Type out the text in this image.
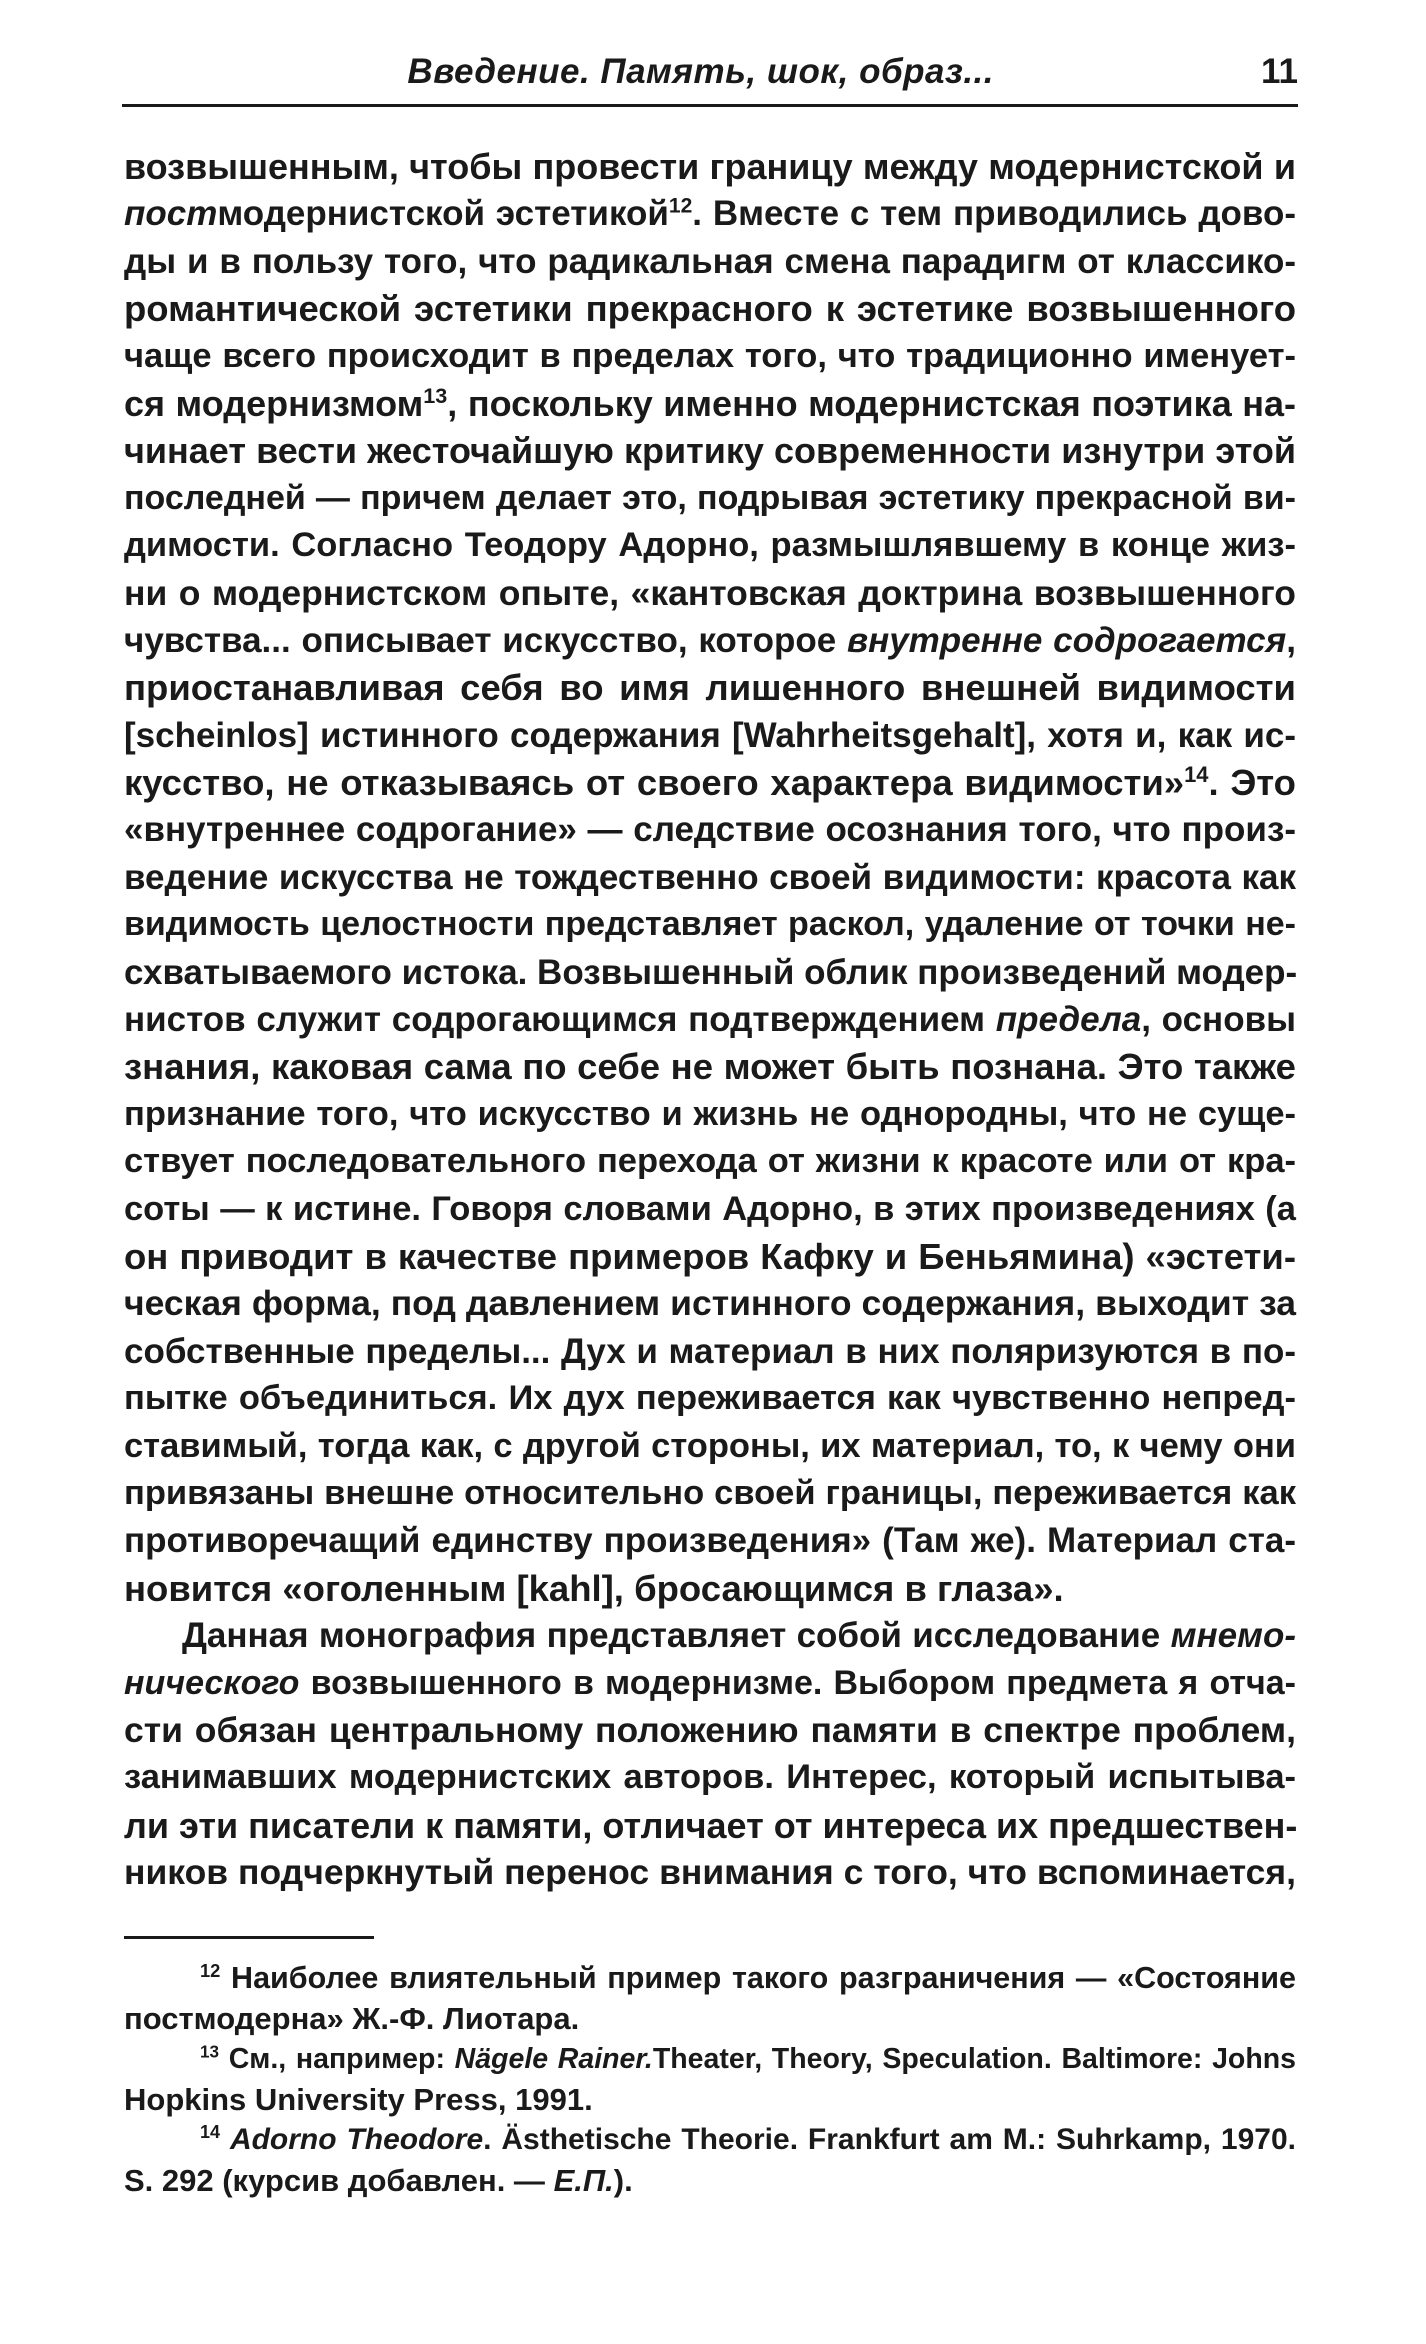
Введение. Память, шок, образ...	11
возвышенным, чтобы провести границу между модернистской и
постмодернистской эстетикой$^{12}$. Вместе с тем приводились дово-
ды и в пользу того, что радикальная смена парадигм от классико-
романтической эстетики прекрасного к эстетике возвышенного
чаще всего происходит в пределах того, что традиционно именует-
ся модернизмом$^{13}$, поскольку именно модернистская поэтика на-
чинает вести жесточайшую критику современности изнутри этой
последней — причем делает это, подрывая эстетику прекрасной ви-
димости. Согласно Теодору Адорно, размышлявшему в конце жиз-
ни о модернистском опыте, «кантовская доктрина возвышенного
чувства... описывает искусство, которое внутренне содрогается,
приостанавливая себя во имя лишенного внешней видимости
[scheinlos] истинного содержания [Wahrheitsgehalt], хотя и, как ис-
кусство, не отказываясь от своего характера видимости»$^{14}$. Это
«внутреннее содрогание» — следствие осознания того, что произ-
ведение искусства не тождественно своей видимости: красота как
видимость целостности представляет раскол, удаление от точки не-
схватываемого истока. Возвышенный облик произведений модер-
нистов служит содрогающимся подтверждением предела, основы
знания, каковая сама по себе не может быть познана. Это также
признание того, что искусство и жизнь не однородны, что не суще-
ствует последовательного перехода от жизни к красоте или от кра-
соты — к истине. Говоря словами Адорно, в этих произведениях (а
он приводит в качестве примеров Кафку и Беньямина) «эстети-
ческая форма, под давлением истинного содержания, выходит за
собственные пределы... Дух и материал в них поляризуются в по-
пытке объединиться. Их дух переживается как чувственно непред-
ставимый, тогда как, с другой стороны, их материал, то, к чему они
привязаны внешне относительно своей границы, переживается как
противоречащий единству произведения» (Там же). Материал ста-
новится «оголенным [kahl], бросающимся в глаза».
Данная монография представляет собой исследование мнемо-
нического возвышенного в модернизме. Выбором предмета я отча-
сти обязан центральному положению памяти в спектре проблем,
занимавших модернистских авторов. Интерес, который испытыва-
ли эти писатели к памяти, отличает от интереса их предшествен-
ников подчеркнутый перенос внимания с того, что вспоминается,
$^{12}$ Наиболее влиятельный пример такого разграничения — «Состояние
постмодерна» Ж.-Ф. Лиотара.
$^{13}$ См., например: Nägele Rainer.Theater, Theory, Speculation. Baltimore: Johns
Hopkins University Press, 1991.
$^{14}$ Adorno Theodore. Ästhetische Theorie. Frankfurt am M.: Suhrkamp, 1970.
S. 292 (курсив добавлен. — Е.П.).
